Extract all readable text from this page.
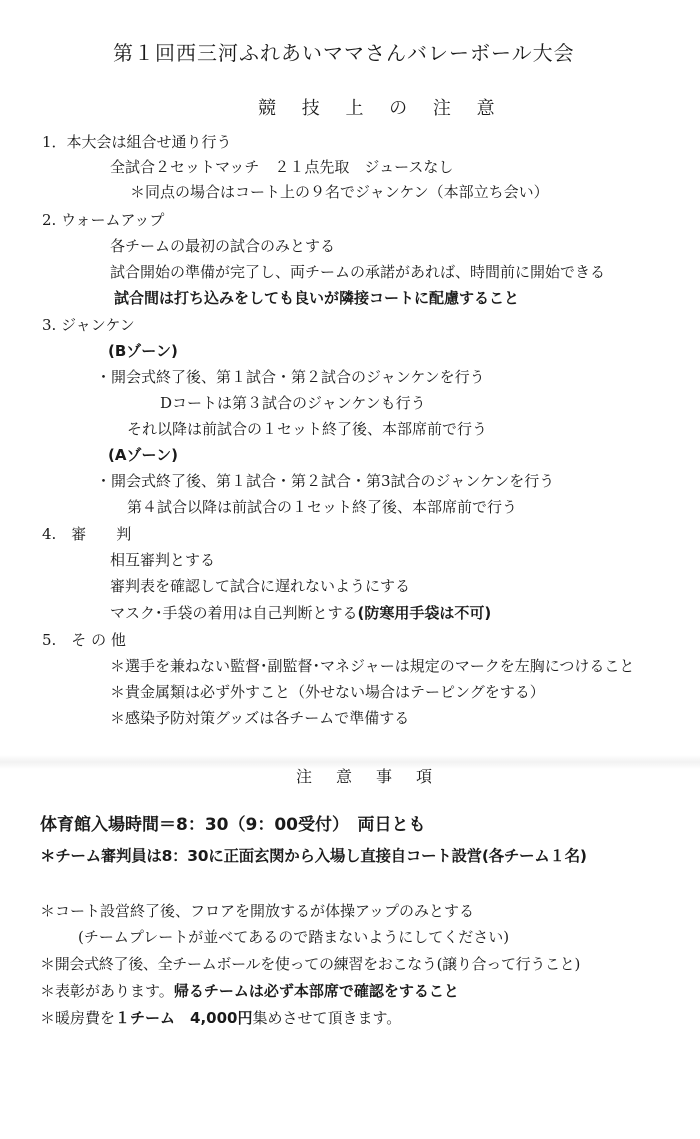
第１回西三河ふれあいママさんバレーボール大会
競 技 上 の 注 意
1．本大会は組合せ通り行う
全試合２セットマッチ　２１点先取　ジュースなし
＊同点の場合はコート上の９名でジャンケン（本部立ち会い）
2. ウォームアップ
各チームの最初の試合のみとする
試合開始の準備が完了し、両チームの承諾があれば、時間前に開始できる
試合間は打ち込みをしても良いが隣接コートに配慮すること
3. ジャンケン
(Bゾーン)
・開会式終了後、第１試合・第２試合のジャンケンを行う
Dコートは第３試合のジャンケンも行う
それ以降は前試合の１セット終了後、本部席前で行う
(Aゾーン)
・開会式終了後、第１試合・第２試合・第3試合のジャンケンを行う
第４試合以降は前試合の１セット終了後、本部席前で行う
4.　審　　判
相互審判とする
審判表を確認して試合に遅れないようにする
マスク･手袋の着用は自己判断とする(防寒用手袋は不可)
5.　そ の 他
＊選手を兼ねない監督･副監督･マネジャーは規定のマークを左胸につけること
＊貴金属類は必ず外すこと（外せない場合はテーピングをする）
＊感染予防対策グッズは各チームで準備する
注　意　事　項
体育館入場時間＝8：30（9：00受付）　両日とも
＊チーム審判員は8：30に正面玄関から入場し直接自コート設営(各チーム１名)
＊コート設営終了後、フロアを開放するが体操アップのみとする
(チームプレートが並べてあるので踏まないようにしてください)
＊開会式終了後、全チームボールを使っての練習をおこなう(譲り合って行うこと)
＊表彰があります。帰るチームは必ず本部席で確認をすること
＊暖房費を１チーム　4,000円集めさせて頂きます。
